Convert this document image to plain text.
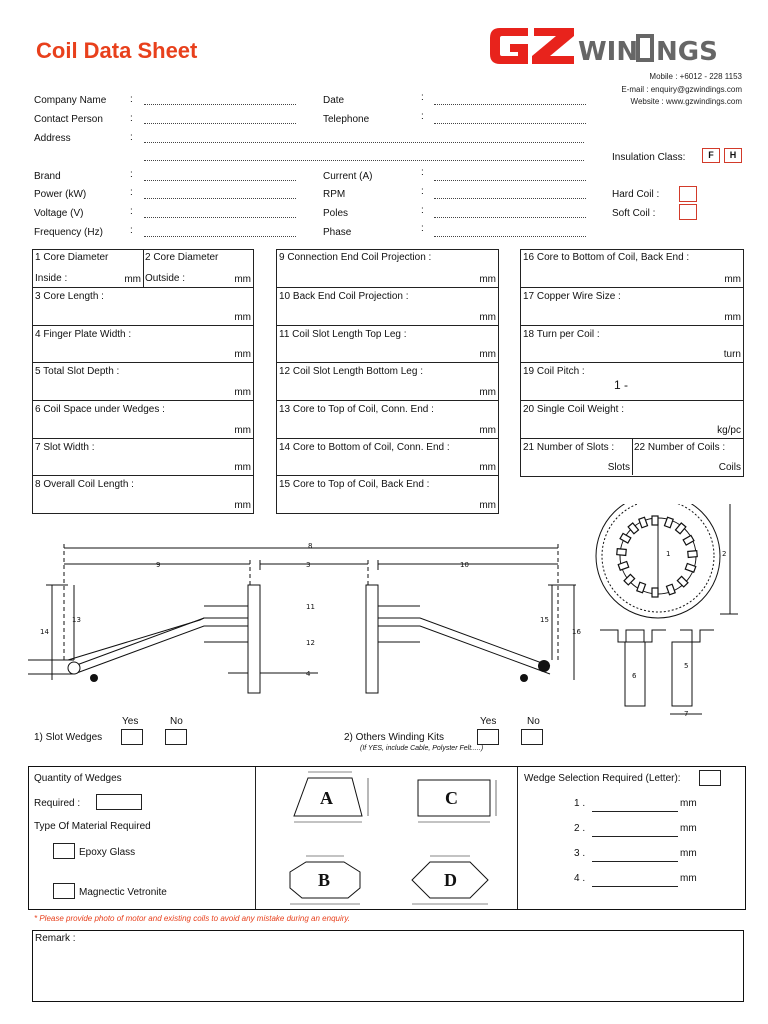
Coil Data Sheet	WIN NGS
Mobile : +6012 - 228 1153
E-mail : enquiry@gzwindings.com
Website : www.gzwindings.com
Company Name :
Contact Person	:
Address	:
Date	:
Telephone	:
Brand	:
Power (kW)	:
Voltage (V)	:
Frequency (Hz)	:
Current (A)	:
RPM	:
Poles	:
Phase	:
Insulation Class:	F	H
Hard Coil :
Soft Coil :
1 Core Diameter
Inside :	mm
2 Core Diameter
Outside :	mm
3 Core Length :
mm
4 Finger Plate Width :
mm
5 Total Slot Depth :
mm
6 Coil Space under Wedges :
mm
7 Slot Width :
mm
8 Overall Coil Length :
mm
9 Connection End Coil Projection :
mm
10 Back End Coil Projection :
mm
11 Coil Slot Length Top Leg :
mm
12 Coil Slot Length Bottom Leg :
mm
13 Core to Top of Coil, Conn. End :
mm
14 Core to Bottom of Coil, Conn. End :
mm
15 Core to Top of Coil, Back End :
mm
16 Core to Bottom of Coil, Back End :
mm
17 Copper Wire Size :
mm
18 Turn per Coil :
turn
19 Coil Pitch :
1 -
20 Single Coil Weight :
kg/pc
21 Number of Slots :
Slots
22 Number of Coils :
Coils
8
9	3	10
11
12
13
14
15
16
4
1	2
6
5
7
Yes	No
1) Slot Wedges
Yes	No
2) Others Winding Kits
(If YES, include Cable, Polyster Felt.....)
Quantity of Wedges
Required :
Type Of Material Required
Epoxy Glass
Magnectic Vetronite
A	C
B	D
Wedge Selection Required (Letter):
1 .	mm
2 .	mm
3 .	mm
4 .	mm
* Please provide photo of motor and existing coils to avoid any mistake during an enquiry.
Remark :
